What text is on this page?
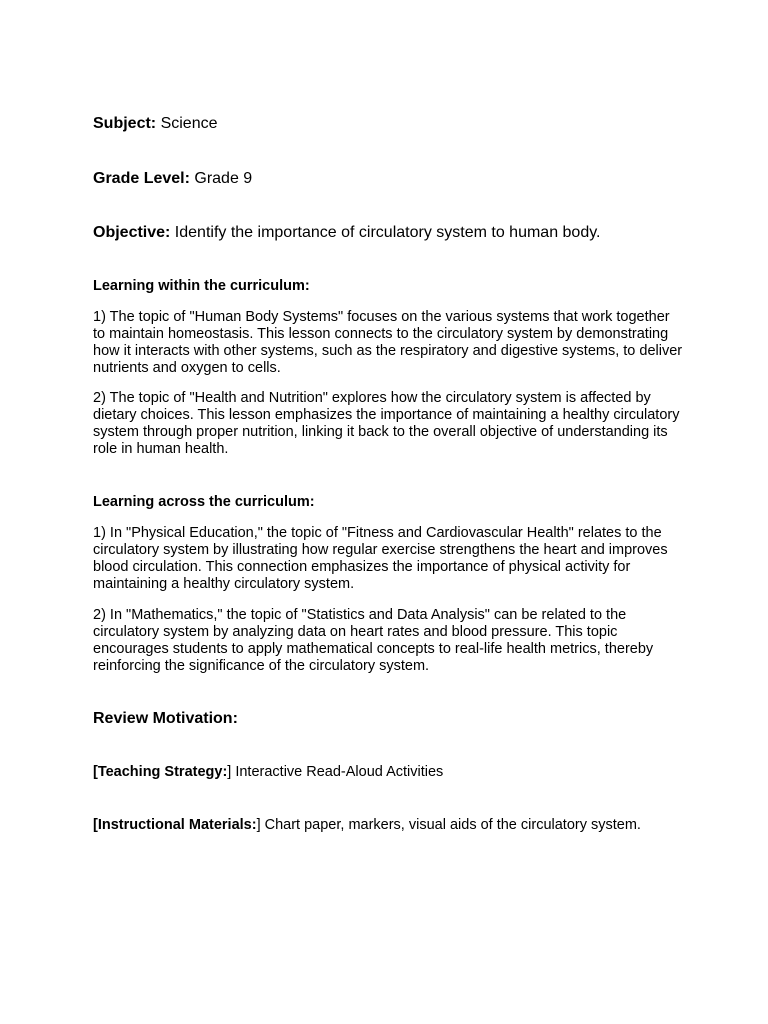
Subject: Science

Grade Level: Grade 9

Objective: Identify the importance of circulatory system to human body.

Learning within the curriculum:

1) The topic of "Human Body Systems" focuses on the various systems that work together to maintain homeostasis. This lesson connects to the circulatory system by demonstrating how it interacts with other systems, such as the respiratory and digestive systems, to deliver nutrients and oxygen to cells.

2) The topic of "Health and Nutrition" explores how the circulatory system is affected by dietary choices. This lesson emphasizes the importance of maintaining a healthy circulatory system through proper nutrition, linking it back to the overall objective of understanding its role in human health.

Learning across the curriculum:

1) In "Physical Education," the topic of "Fitness and Cardiovascular Health" relates to the circulatory system by illustrating how regular exercise strengthens the heart and improves blood circulation. This connection emphasizes the importance of physical activity for maintaining a healthy circulatory system.

2) In "Mathematics," the topic of "Statistics and Data Analysis" can be related to the circulatory system by analyzing data on heart rates and blood pressure. This topic encourages students to apply mathematical concepts to real-life health metrics, thereby reinforcing the significance of the circulatory system.

Review Motivation:

[Teaching Strategy:] Interactive Read-Aloud Activities

[Instructional Materials:] Chart paper, markers, visual aids of the circulatory system.
